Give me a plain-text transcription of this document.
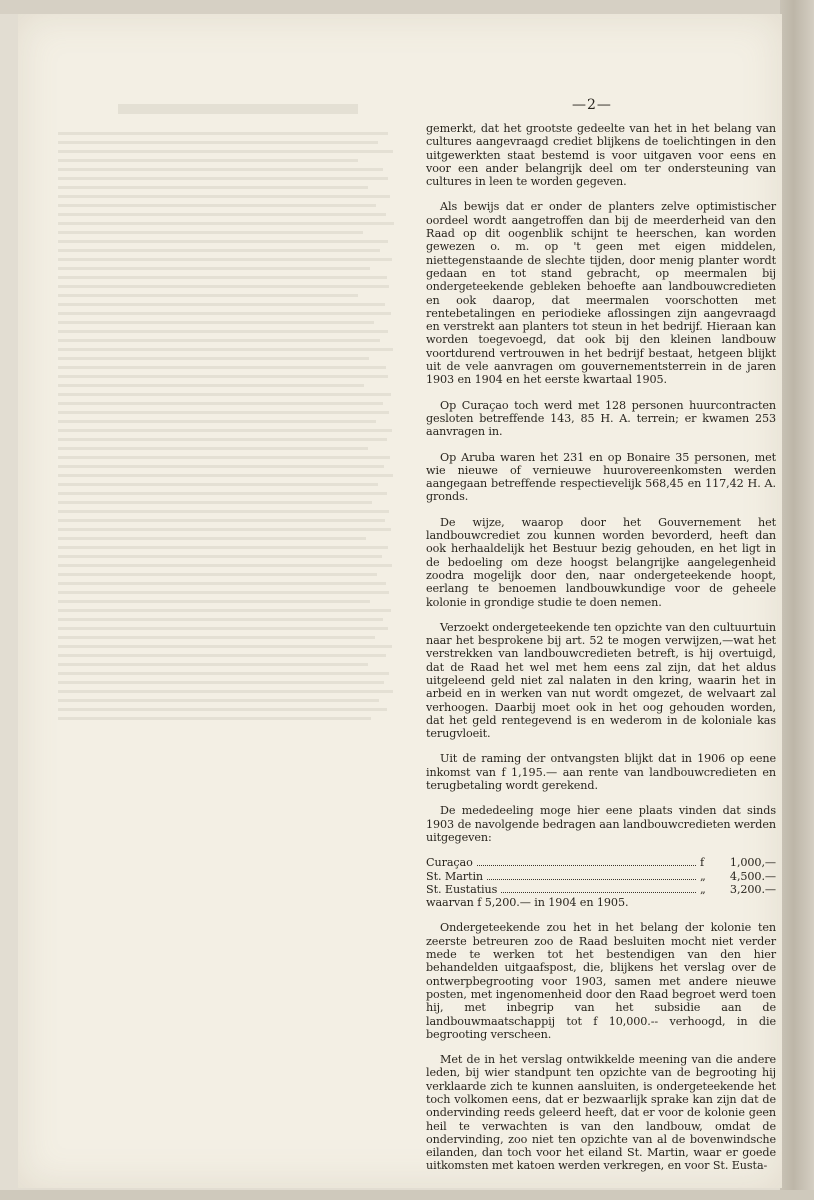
—2—

gemerkt, dat het grootste gedeelte van het in het belang van cultures aangevraagd crediet blijkens de toelichtingen in den uitgewerkten staat bestemd is voor uitgaven voor eens en voor een ander belangrijk deel om ter ondersteuning van cultures in leen te worden gegeven.

Als bewijs dat er onder de planters zelve optimistischer oordeel wordt aangetroffen dan bij de meerderheid van den Raad op dit oogenblik schijnt te heerschen, kan worden gewezen o. m. op 't geen met eigen middelen, niettegenstaande de slechte tijden, door menig planter wordt gedaan en tot stand gebracht, op meermalen bij ondergeteekende gebleken behoefte aan landbouwcredieten en ook daarop, dat meermalen voorschotten met rentebetalingen en periodieke aflossingen zijn aangevraagd en verstrekt aan planters tot steun in het bedrijf. Hieraan kan worden toegevoegd, dat ook bij den kleinen landbouw voortdurend vertrouwen in het bedrijf bestaat, hetgeen blijkt uit de vele aanvragen om gouvernementsterrein in de jaren 1903 en 1904 en het eerste kwartaal 1905.

Op Curaçao toch werd met 128 personen huurcontracten gesloten betreffende 143, 85 H. A. terrein; er kwamen 253 aanvragen in.

Op Aruba waren het 231 en op Bonaire 35 personen, met wie nieuwe of vernieuwe huurovereenkomsten werden aangegaan betreffende respectievelijk 568,45 en 117,42 H. A. gronds.

De wijze, waarop door het Gouvernement het landbouwcrediet zou kunnen worden bevorderd, heeft dan ook herhaaldelijk het Bestuur bezig gehouden, en het ligt in de bedoeling om deze hoogst belangrijke aangelegenheid zoodra mogelijk door den, naar ondergeteekende hoopt, eerlang te benoemen landbouwkundige voor de geheele kolonie in grondige studie te doen nemen.

Verzoekt ondergeteekende ten opzichte van den cultuurtuin naar het besprokene bij art. 52 te mogen verwijzen,—wat het verstrekken van landbouwcredieten betreft, is hij overtuigd, dat de Raad het wel met hem eens zal zijn, dat het aldus uitgeleend geld niet zal nalaten in den kring, waarin het in arbeid en in werken van nut wordt omgezet, de welvaart zal verhoogen. Daarbij moet ook in het oog gehouden worden, dat het geld rentegevend is en wederom in de koloniale kas terugvloeit.

Uit de raming der ontvangsten blijkt dat in 1906 op eene inkomst van f 1,195.— aan rente van landbouwcredieten en terugbetaling wordt gerekend.

De mededeeling moge hier eene plaats vinden dat sinds 1903 de navolgende bedragen aan landbouwcredieten werden uitgegeven:

Curaçao	f	1,000,—
St. Martin	„	4,500.—
St. Eustatius	„	3,200.—
waarvan f 5,200.— in 1904 en 1905.

Ondergeteekende zou het in het belang der kolonie ten zeerste betreuren zoo de Raad besluiten mocht niet verder mede te werken tot het bestendigen van den hier behandelden uitgaafspost, die, blijkens het verslag over de ontwerpbegrooting voor 1903, samen met andere nieuwe posten, met ingenomenheid door den Raad begroet werd toen hij, met inbegrip van het subsidie aan de landbouwmaatschappij tot f 10,000.-- verhoogd, in die begrooting verscheen.

Met de in het verslag ontwikkelde meening van die andere leden, bij wier standpunt ten opzichte van de begrooting hij verklaarde zich te kunnen aansluiten, is ondergeteekende het toch volkomen eens, dat er bezwaarlijk sprake kan zijn dat de ondervinding reeds geleerd heeft, dat er voor de kolonie geen heil te verwachten is van den landbouw, omdat de ondervinding, zoo niet ten opzichte van al de bovenwindsche eilanden, dan toch voor het eiland St. Martin, waar er goede uitkomsten met katoen werden verkregen, en voor St. Eusta-
